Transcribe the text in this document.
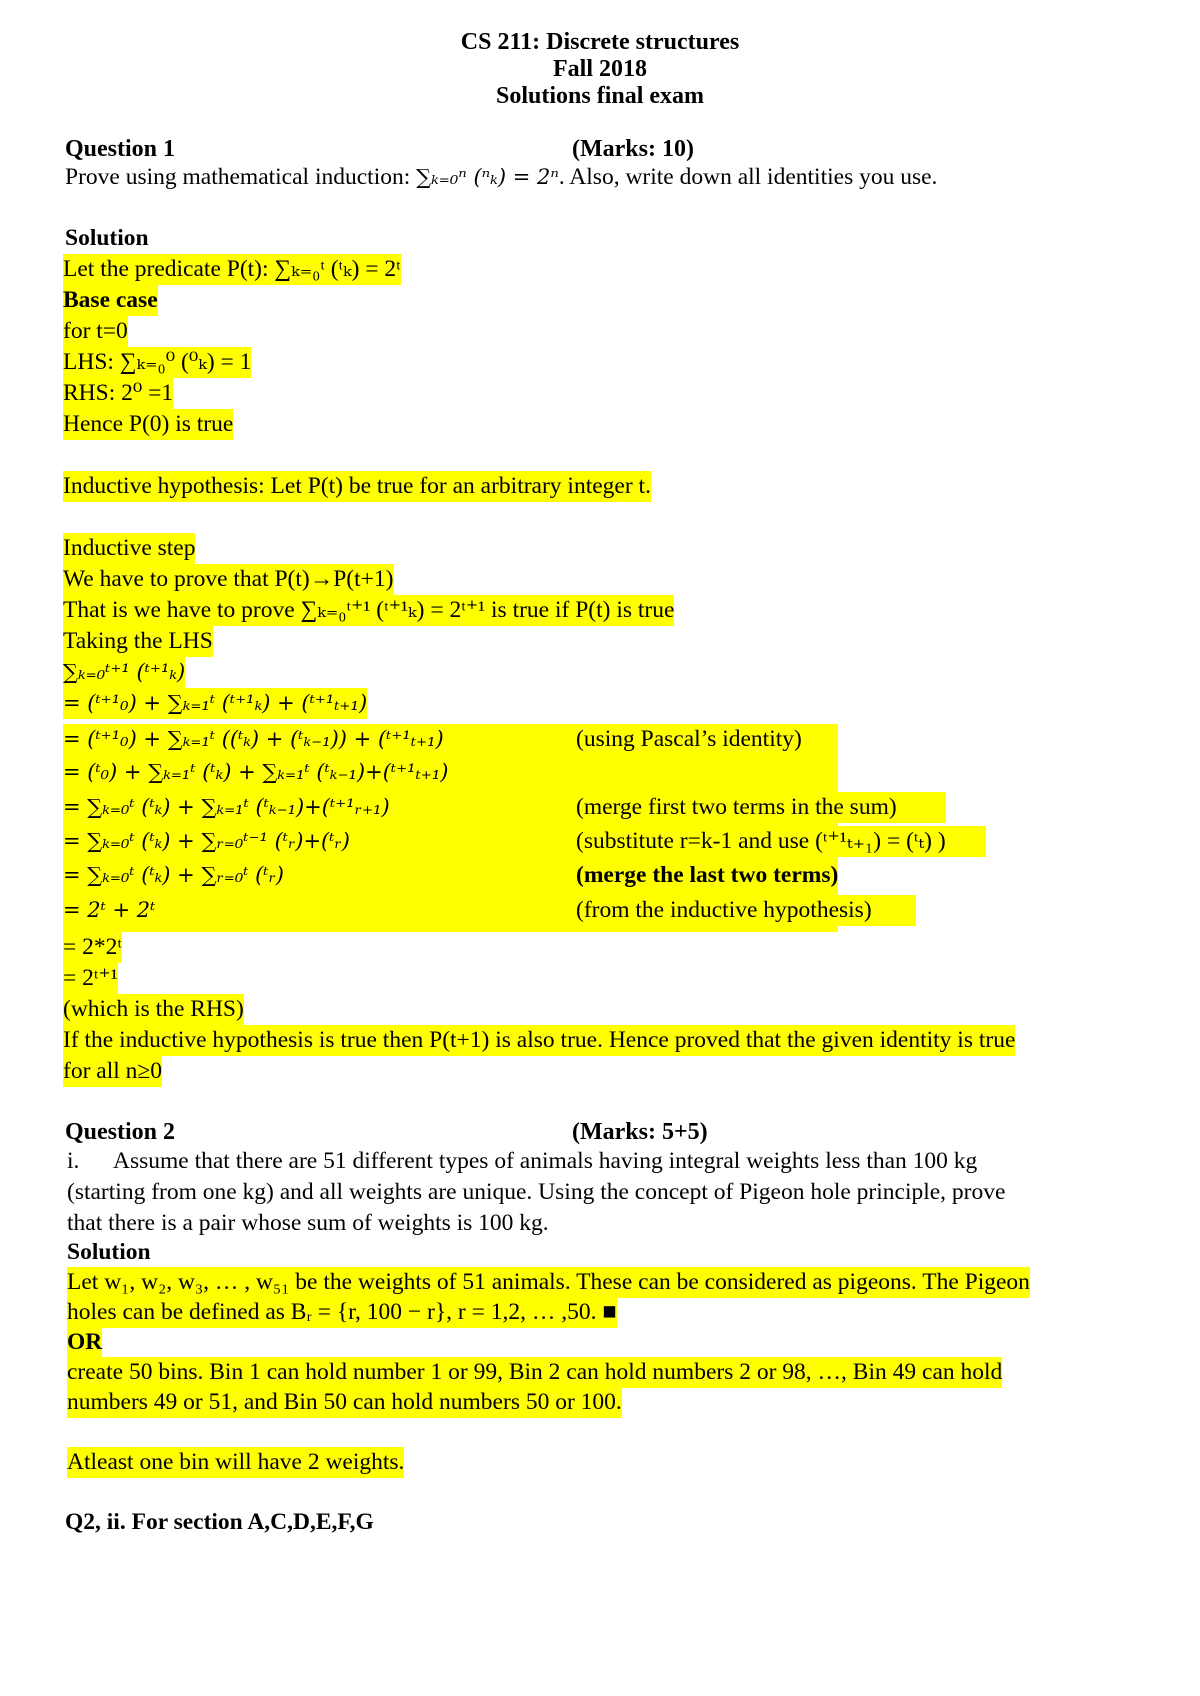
CS 211: Discrete structures
Fall 2018
Solutions final exam
Question 1	(Marks: 10)
Prove using mathematical induction: ∑ₖ₌₀ⁿ (ⁿₖ) = 2ⁿ. Also, write down all identities you use.
Solution
Let the predicate P(t): ∑ₖ₌₀ᵗ (ᵗₖ) = 2ᵗ
Base case
for t=0
LHS: ∑ₖ₌₀⁰ (⁰ₖ) = 1
RHS: 2⁰ =1
Hence P(0) is true
Inductive hypothesis: Let P(t) be true for an arbitrary integer t.
Inductive step
We have to prove that P(t)→P(t+1)
That is we have to prove ∑ₖ₌₀ᵗ⁺¹ (ᵗ⁺¹ₖ) = 2ᵗ⁺¹ is true if P(t) is true
Taking the LHS
∑ₖ₌₀ᵗ⁺¹ (ᵗ⁺¹ₖ)
= (ᵗ⁺¹₀) + ∑ₖ₌₁ᵗ (ᵗ⁺¹ₖ) + (ᵗ⁺¹ₜ₊₁)
= (ᵗ⁺¹₀) + ∑ₖ₌₁ᵗ ((ᵗₖ) + (ᵗₖ₋₁)) + (ᵗ⁺¹ₜ₊₁)	(using Pascal’s identity)
= (ᵗ₀) + ∑ₖ₌₁ᵗ (ᵗₖ) + ∑ₖ₌₁ᵗ (ᵗₖ₋₁)+(ᵗ⁺¹ₜ₊₁)
= ∑ₖ₌₀ᵗ (ᵗₖ) + ∑ₖ₌₁ᵗ (ᵗₖ₋₁)+(ᵗ⁺¹ᵣ₊₁)	(merge first two terms in the sum)
= ∑ₖ₌₀ᵗ (ᵗₖ) + ∑ᵣ₌₀ᵗ⁻¹ (ᵗᵣ)+(ᵗᵣ)	(substitute r=k-1 and use (ᵗ⁺¹ₜ₊₁) = (ᵗₜ) )
= ∑ₖ₌₀ᵗ (ᵗₖ) + ∑ᵣ₌₀ᵗ (ᵗᵣ)	(merge the last two terms)
= 2ᵗ + 2ᵗ	(from the inductive hypothesis)
= 2*2ᵗ
= 2ᵗ⁺¹
(which is the RHS)
If the inductive hypothesis is true then P(t+1) is also true. Hence proved that the given identity is true
for all n≥0
Question 2	(Marks: 5+5)
i. Assume that there are 51 different types of animals having integral weights less than 100 kg
(starting from one kg) and all weights are unique. Using the concept of Pigeon hole principle, prove
that there is a pair whose sum of weights is 100 kg.
Solution
Let w₁, w₂, w₃, … , w₅₁ be the weights of 51 animals. These can be considered as pigeons. The Pigeon
holes can be defined as Bᵣ = {r, 100 − r}, r = 1,2, … ,50. ■
OR
create 50 bins. Bin 1 can hold number 1 or 99, Bin 2 can hold numbers 2 or 98, …, Bin 49 can hold
numbers 49 or 51, and Bin 50 can hold numbers 50 or 100.
Atleast one bin will have 2 weights.
Q2, ii. For section A,C,D,E,F,G
